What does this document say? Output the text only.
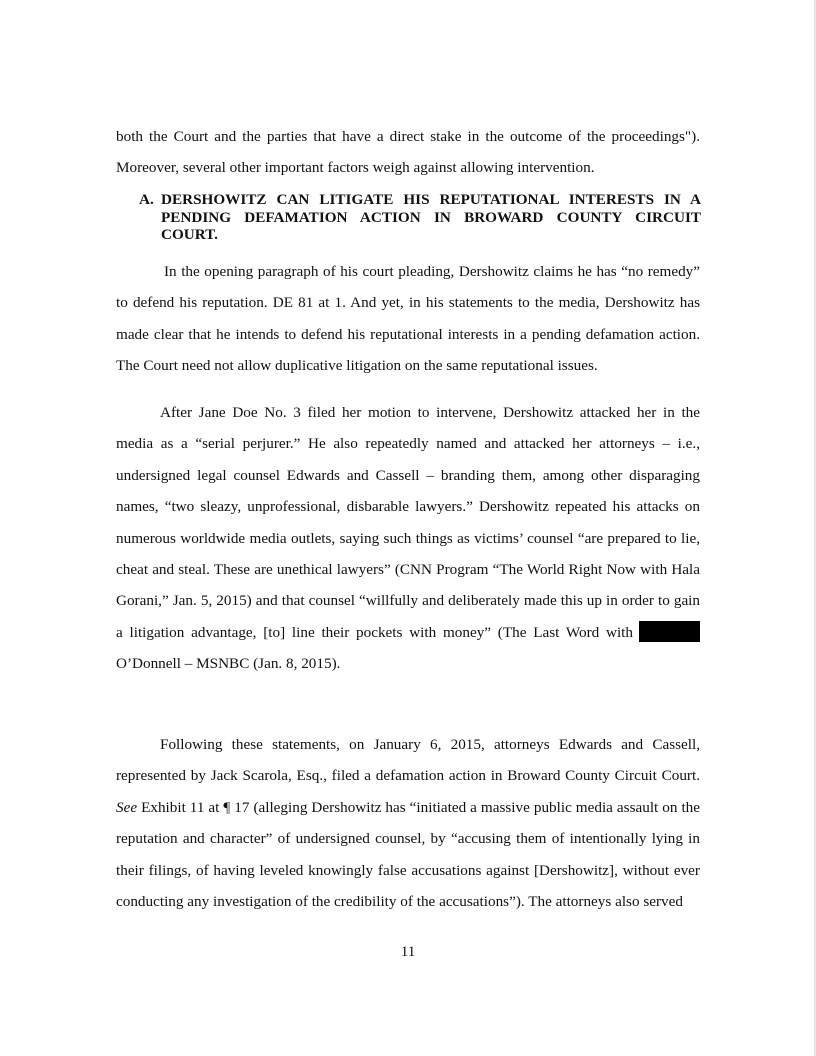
both the Court and the parties that have a direct stake in the outcome of the proceedings"). Moreover, several other important factors weigh against allowing intervention.

A. DERSHOWITZ CAN LITIGATE HIS REPUTATIONAL INTERESTS IN A PENDING DEFAMATION ACTION IN BROWARD COUNTY CIRCUIT COURT.

In the opening paragraph of his court pleading, Dershowitz claims he has “no remedy” to defend his reputation. DE 81 at 1. And yet, in his statements to the media, Dershowitz has made clear that he intends to defend his reputational interests in a pending defamation action. The Court need not allow duplicative litigation on the same reputational issues.

After Jane Doe No. 3 filed her motion to intervene, Dershowitz attacked her in the media as a “serial perjurer.” He also repeatedly named and attacked her attorneys – i.e., undersigned legal counsel Edwards and Cassell – branding them, among other disparaging names, “two sleazy, unprofessional, disbarable lawyers.” Dershowitz repeated his attacks on numerous worldwide media outlets, saying such things as victims’ counsel “are prepared to lie, cheat and steal. These are unethical lawyers” (CNN Program “The World Right Now with Hala Gorani,” Jan. 5, 2015) and that counsel “willfully and deliberately made this up in order to gain a litigation advantage, [to] line their pockets with money” (The Last Word with

O’Donnell – MSNBC (Jan. 8, 2015).

Following these statements, on January 6, 2015, attorneys Edwards and Cassell, represented by Jack Scarola, Esq., filed a defamation action in Broward County Circuit Court. See Exhibit 11 at ¶ 17 (alleging Dershowitz has “initiated a massive public media assault on the reputation and character” of undersigned counsel, by “accusing them of intentionally lying in their filings, of having leveled knowingly false accusations against [Dershowitz], without ever conducting any investigation of the credibility of the accusations”). The attorneys also served

11
